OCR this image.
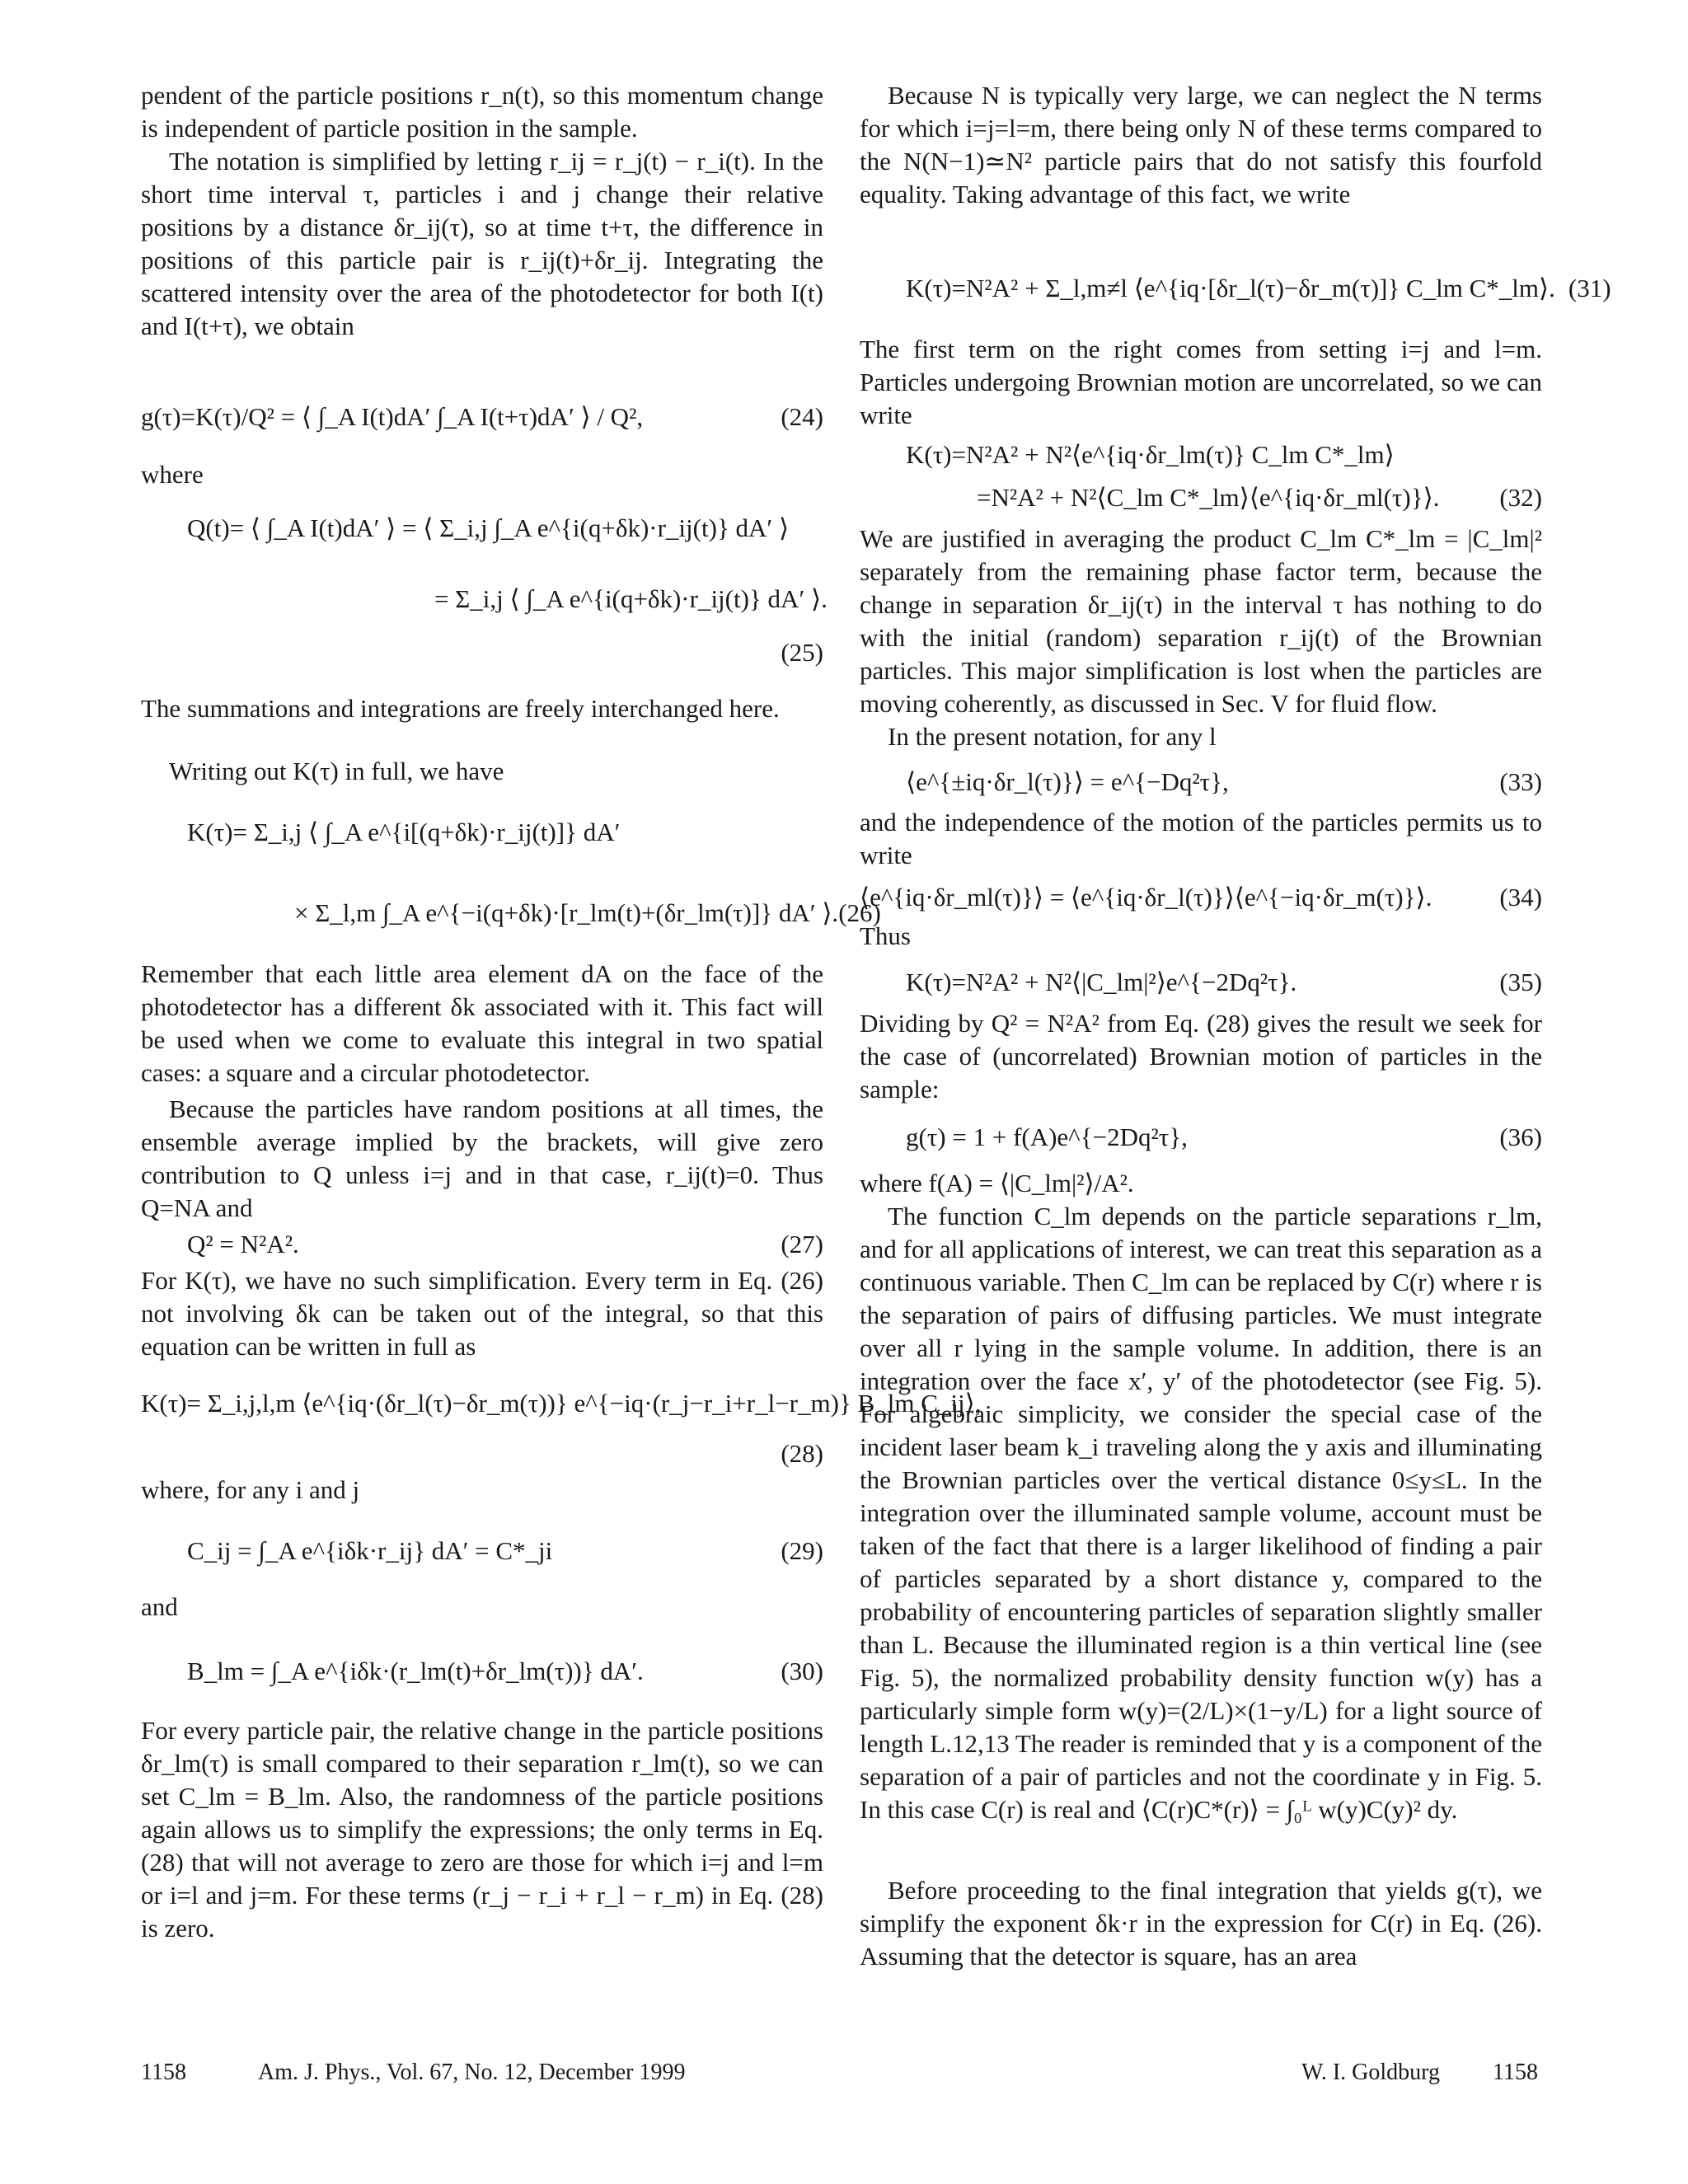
pendent of the particle positions r_n(t), so this momentum change is independent of particle position in the sample.

The notation is simplified by letting r_ij = r_j(t) − r_i(t). In the short time interval τ, particles i and j change their relative positions by a distance δr_ij(τ), so at time t+τ, the difference in positions of this particle pair is r_ij(t)+δr_ij. Integrating the scattered intensity over the area of the photodetector for both I(t) and I(t+τ), we obtain

g(τ)=K(τ)/Q² = ⟨ ∫_A I(t)dA′ ∫_A I(t+τ)dA′ ⟩ / Q²,	(24)

where

Q(t)= ⟨ ∫_A I(t)dA′ ⟩ = ⟨ Σ_i,j ∫_A e^{i(q+δk)·r_ij(t)} dA′ ⟩
= Σ_i,j ⟨ ∫_A e^{i(q+δk)·r_ij(t)} dA′ ⟩.
(25)

The summations and integrations are freely interchanged here.

Writing out K(τ) in full, we have

K(τ)= Σ_i,j ⟨ ∫_A e^{i[(q+δk)·r_ij(t)]} dA′
× Σ_l,m ∫_A e^{−i(q+δk)·[r_lm(t)+(δr_lm(τ)]} dA′ ⟩. (26)

Remember that each little area element dA on the face of the photodetector has a different δk associated with it. This fact will be used when we come to evaluate this integral in two spatial cases: a square and a circular photodetector.

Because the particles have random positions at all times, the ensemble average implied by the brackets, will give zero contribution to Q unless i=j and in that case, r_ij(t)=0. Thus Q=NA and

Q² = N²A².	(27)

For K(τ), we have no such simplification. Every term in Eq. (26) not involving δk can be taken out of the integral, so that this equation can be written in full as

K(τ)= Σ_i,j,l,m ⟨e^{iq·(δr_l(τ)−δr_m(τ))} e^{−iq·(r_j−r_i+r_l−r_m)} B_lm C_ij⟩,
(28)

where, for any i and j

C_ij = ∫_A e^{iδk·r_ij} dA′ = C*_ji	(29)

and

B_lm = ∫_A e^{iδk·(r_lm(t)+δr_lm(τ))} dA′.	(30)

For every particle pair, the relative change in the particle positions δr_lm(τ) is small compared to their separation r_lm(t), so we can set C_lm = B_lm. Also, the randomness of the particle positions again allows us to simplify the expressions; the only terms in Eq. (28) that will not average to zero are those for which i=j and l=m or i=l and j=m. For these terms (r_j − r_i + r_l − r_m) in Eq. (28) is zero.

Because N is typically very large, we can neglect the N terms for which i=j=l=m, there being only N of these terms compared to the N(N−1)≃N² particle pairs that do not satisfy this fourfold equality. Taking advantage of this fact, we write

K(τ)=N²A² + Σ_l,m≠l ⟨e^{iq·[δr_l(τ)−δr_m(τ)]} C_lm C*_lm⟩. (31)

The first term on the right comes from setting i=j and l=m. Particles undergoing Brownian motion are uncorrelated, so we can write

K(τ)=N²A² + N²⟨e^{iq·δr_lm(τ)} C_lm C*_lm⟩
=N²A² + N²⟨C_lm C*_lm⟩⟨e^{iq·δr_ml(τ)}⟩.	(32)

We are justified in averaging the product C_lm C*_lm = |C_lm|² separately from the remaining phase factor term, because the change in separation δr_ij(τ) in the interval τ has nothing to do with the initial (random) separation r_ij(t) of the Brownian particles. This major simplification is lost when the particles are moving coherently, as discussed in Sec. V for fluid flow.

In the present notation, for any l

⟨e^{±iq·δr_l(τ)}⟩ = e^{−Dq²τ},	(33)

and the independence of the motion of the particles permits us to write

⟨e^{iq·δr_ml(τ)}⟩ = ⟨e^{iq·δr_l(τ)}⟩⟨e^{−iq·δr_m(τ)}⟩.	(34)

Thus

K(τ)=N²A² + N²⟨|C_lm|²⟩e^{−2Dq²τ}.	(35)

Dividing by Q² = N²A² from Eq. (28) gives the result we seek for the case of (uncorrelated) Brownian motion of particles in the sample:

g(τ) = 1 + f(A)e^{−2Dq²τ},	(36)

where f(A) = ⟨|C_lm|²⟩/A².

The function C_lm depends on the particle separations r_lm, and for all applications of interest, we can treat this separation as a continuous variable. Then C_lm can be replaced by C(r) where r is the separation of pairs of diffusing particles. We must integrate over all r lying in the sample volume. In addition, there is an integration over the face x′, y′ of the photodetector (see Fig. 5). For algebraic simplicity, we consider the special case of the incident laser beam k_i traveling along the y axis and illuminating the Brownian particles over the vertical distance 0≤y≤L. In the integration over the illuminated sample volume, account must be taken of the fact that there is a larger likelihood of finding a pair of particles separated by a short distance y, compared to the probability of encountering particles of separation slightly smaller than L. Because the illuminated region is a thin vertical line (see Fig. 5), the normalized probability density function w(y) has a particularly simple form w(y)=(2/L)×(1−y/L) for a light source of length L.12,13 The reader is reminded that y is a component of the separation of a pair of particles and not the coordinate y in Fig. 5. In this case C(r) is real and ⟨C(r)C*(r)⟩ = ∫₀ᴸ w(y)C(y)² dy.

Before proceeding to the final integration that yields g(τ), we simplify the exponent δk·r in the expression for C(r) in Eq. (26). Assuming that the detector is square, has an area

1158	Am. J. Phys., Vol. 67, No. 12, December 1999	W. I. Goldburg 1158
